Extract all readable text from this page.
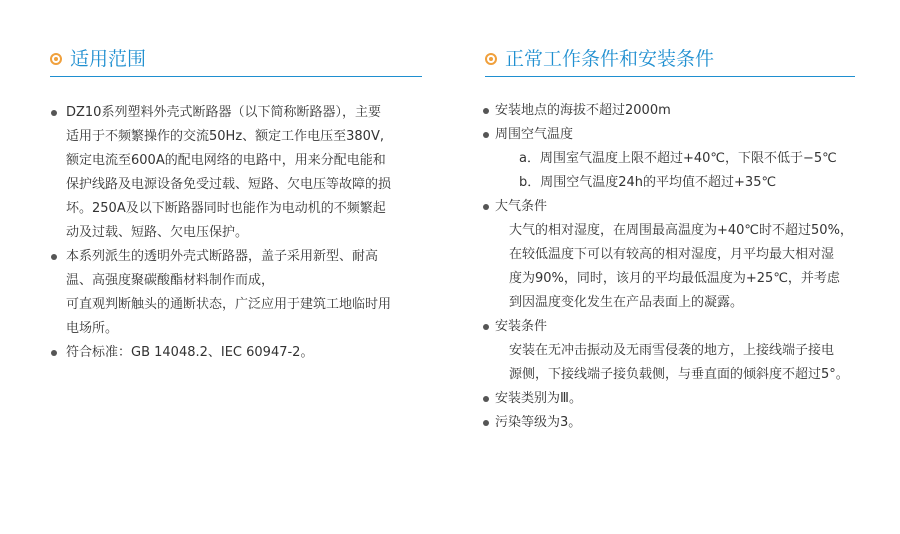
适用范围
DZ10系列塑料外壳式断路器（以下简称断路器），主要
适用于不频繁操作的交流50Hz、额定工作电压至380V,
额定电流至600A的配电网络的电路中，用来分配电能和
保护线路及电源设备免受过载、短路、欠电压等故障的损
坏。250A及以下断路器同时也能作为电动机的不频繁起
动及过载、短路、欠电压保护。
本系列派生的透明外壳式断路器，盖子采用新型、耐高
温、高强度聚碳酸酯材料制作而成，
可直观判断触头的通断状态，广泛应用于建筑工地临时用
电场所。
符合标准：GB 14048.2、IEC 60947-2。
正常工作条件和安装条件
安装地点的海拔不超过2000m
周围空气温度
a．周围室气温度上限不超过+40℃，下限不低于−5℃
b．周围空气温度24h的平均值不超过+35℃
大气条件
大气的相对湿度，在周围最高温度为+40℃时不超过50%，
在较低温度下可以有较高的相对湿度，月平均最大相对湿
度为90%，同时，该月的平均最低温度为+25℃，并考虑
到因温度变化发生在产品表面上的凝露。
安装条件
安装在无冲击振动及无雨雪侵袭的地方，上接线端子接电
源侧，下接线端子接负载侧，与垂直面的倾斜度不超过5°。
安装类别为Ⅲ。
污染等级为3。
